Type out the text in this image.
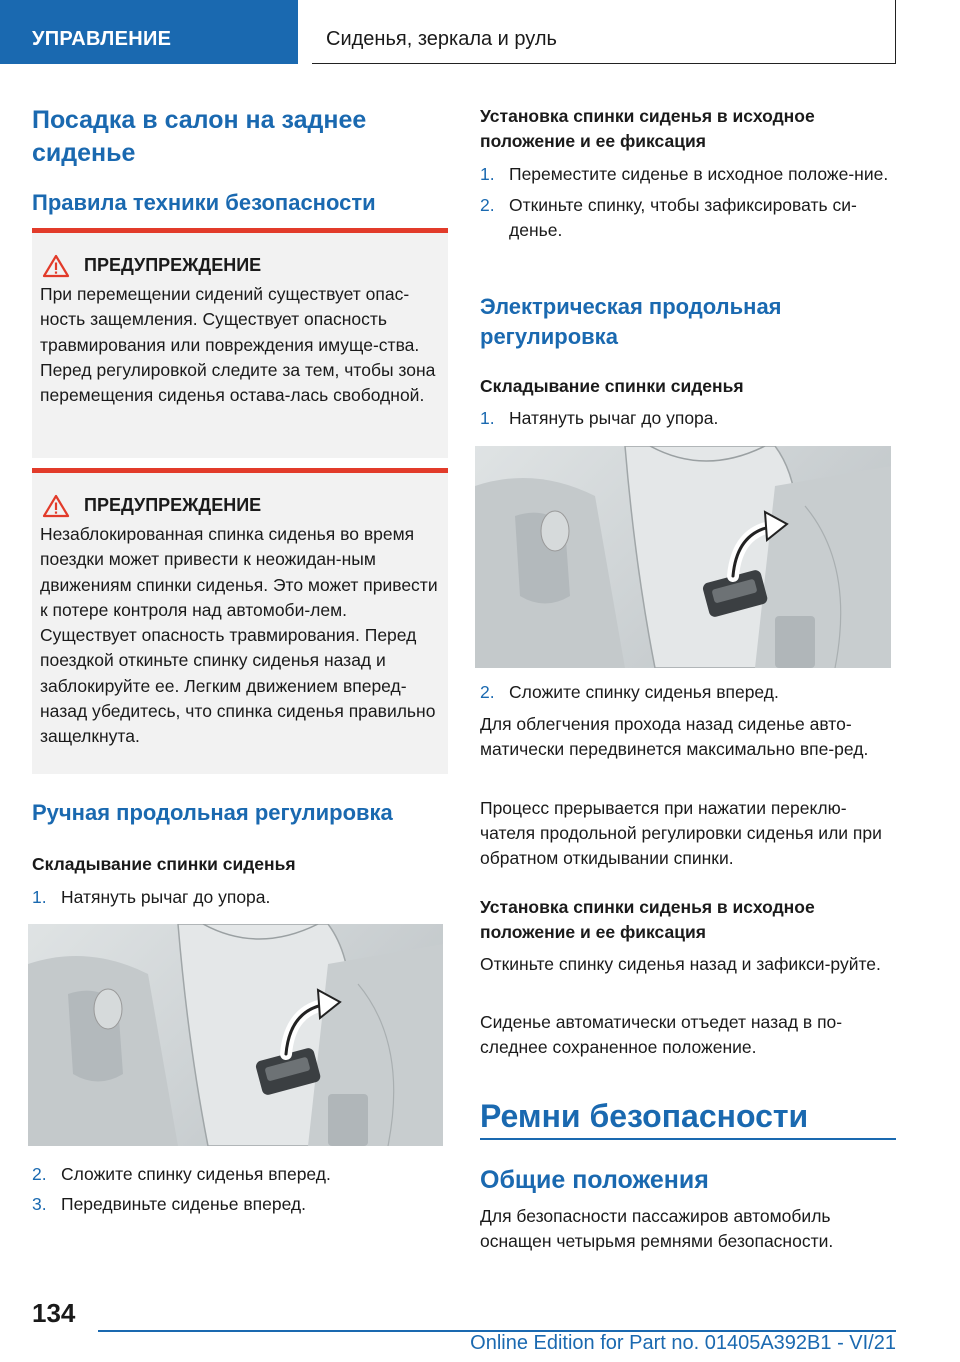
УПРАВЛЕНИЕ	Сиденья, зеркала и руль
Посадка в салон на заднее сиденье
Правила техники безопасности
ПРЕДУПРЕЖДЕНИЕ
При перемещении сидений существует опас-ность защемления. Существует опасность травмирования или повреждения имуще-ства. Перед регулировкой следите за тем, чтобы зона перемещения сиденья остава-лась свободной.
ПРЕДУПРЕЖДЕНИЕ
Незаблокированная спинка сиденья во время поездки может привести к неожидан-ным движениям спинки сиденья. Это может привести к потере контроля над автомоби-лем. Существует опасность травмирования. Перед поездкой откиньте спинку сиденья назад и заблокируйте ее. Легким движением вперед-назад убедитесь, что спинка сиденья правильно защелкнута.
Ручная продольная регулировка
Складывание спинки сиденья
1. Натянуть рычаг до упора.
2. Сложите спинку сиденья вперед.
3. Передвиньте сиденье вперед.
Установка спинки сиденья в исходное положение и ее фиксация
1. Переместите сиденье в исходное положе-ние.
2. Откиньте спинку, чтобы зафиксировать си-денье.
Электрическая продольная регулировка
Складывание спинки сиденья
1. Натянуть рычаг до упора.
2. Сложите спинку сиденья вперед.
Для облегчения прохода назад сиденье авто-матически передвинется максимально впе-ред.
Процесс прерывается при нажатии переклю-чателя продольной регулировки сиденья или при обратном откидывании спинки.
Установка спинки сиденья в исходное положение и ее фиксация
Откиньте спинку сиденья назад и зафикси-руйте.
Сиденье автоматически отъедет назад в по-следнее сохраненное положение.
Ремни безопасности
Общие положения
Для безопасности пассажиров автомобиль оснащен четырьмя ремнями безопасности.
134
Online Edition for Part no. 01405A392B1 - VI/21
